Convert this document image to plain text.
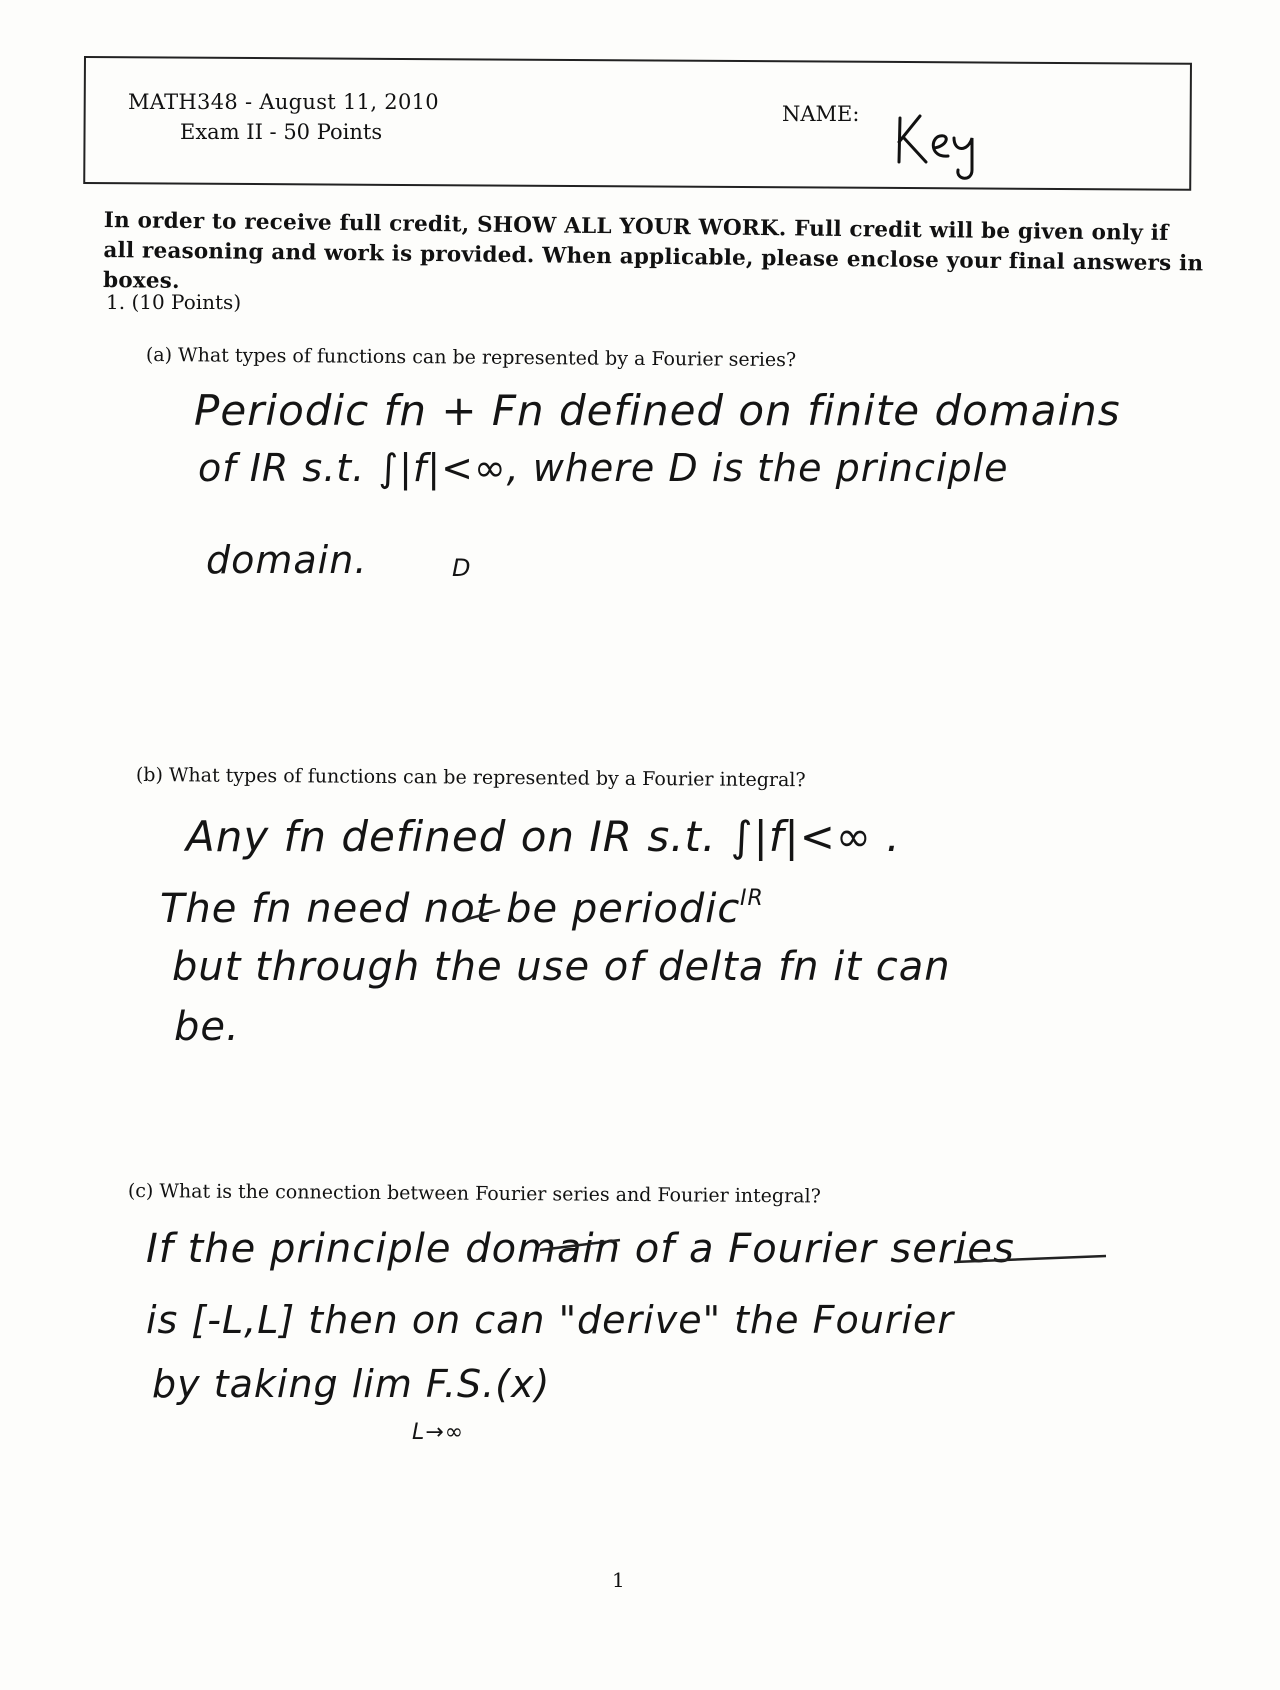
MATH348 - August 11, 2010
Exam II - 50 Points
NAME:
In order to receive full credit, SHOW ALL YOUR WORK. Full credit will be given only if all reasoning and work is provided. When applicable, please enclose your final answers in boxes.
1. (10 Points)
(a) What types of functions can be represented by a Fourier series?
Periodic fn + Fn defined on finite domains
of IR s.t. ∫|f|<∞, where D is the principle
domain.	D
(b) What types of functions can be represented by a Fourier integral?
Any fn defined on IR s.t. ∫|f|<∞ .
IR
The fn need not be periodic
but through the use of delta fn it can
be.
(c) What is the connection between Fourier series and Fourier integral?
If the principle domain of a Fourier series
is [-L,L] then on can "derive" the Fourier
by taking lim F.S.(x)
L→∞
1
